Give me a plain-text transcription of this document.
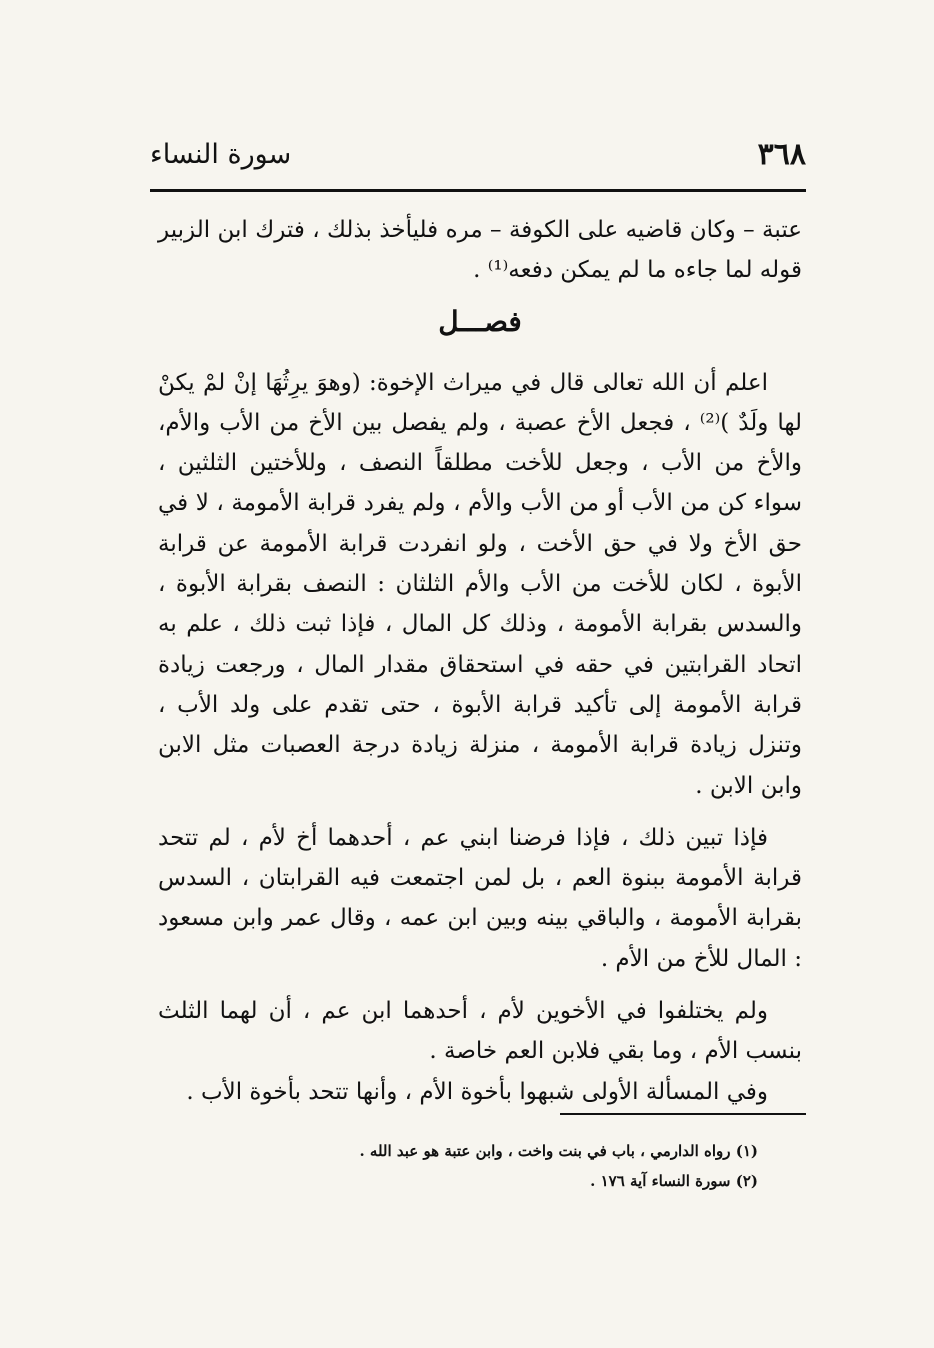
٣٦٨
سورة النساء

عتبة – وكان قاضيه على الكوفة – مره فليأخذ بذلك ، فترك ابن الزبير قوله لما جاءه ما لم يمكن دفعه⁽¹⁾ .

فصـــل

اعلم أن الله تعالى قال في ميراث الإخوة: (وهوَ يرِثُهَا إنْ لمْ يكنْ لها ولَدٌ )⁽²⁾ ، فجعل الأخ عصبة ، ولم يفصل بين الأخ من الأب والأم، والأخ من الأب ، وجعل للأخت مطلقاً النصف ، وللأختين الثلثين ، سواء كن من الأب أو من الأب والأم ، ولم يفرد قرابة الأمومة ، لا في حق الأخ ولا في حق الأخت ، ولو انفردت قرابة الأمومة عن قرابة الأبوة ، لكان للأخت من الأب والأم الثلثان : النصف بقرابة الأبوة ، والسدس بقرابة الأمومة ، وذلك كل المال ، فإذا ثبت ذلك ، علم به اتحاد القرابتين في حقه في استحقاق مقدار المال ، ورجعت زيادة قرابة الأمومة إلى تأكيد قرابة الأبوة ، حتى تقدم على ولد الأب ، وتنزل زيادة قرابة الأمومة ، منزلة زيادة درجة العصبات مثل الابن وابن الابن .

فإذا تبين ذلك ، فإذا فرضنا ابني عم ، أحدهما أخ لأم ، لم تتحد قرابة الأمومة ببنوة العم ، بل لمن اجتمعت فيه القرابتان ، السدس بقرابة الأمومة ، والباقي بينه وبين ابن عمه ، وقال عمر وابن مسعود : المال للأخ من الأم .

ولم يختلفوا في الأخوين لأم ، أحدهما ابن عم ، أن لهما الثلث بنسب الأم ، وما بقي فلابن العم خاصة .

وفي المسألة الأولى شبهوا بأخوة الأم ، وأنها تتحد بأخوة الأب .

(١) رواه الدارمي ، باب في بنت واخت ، وابن عتبة هو عبد الله .

(٢) سورة النساء آية ١٧٦ .
